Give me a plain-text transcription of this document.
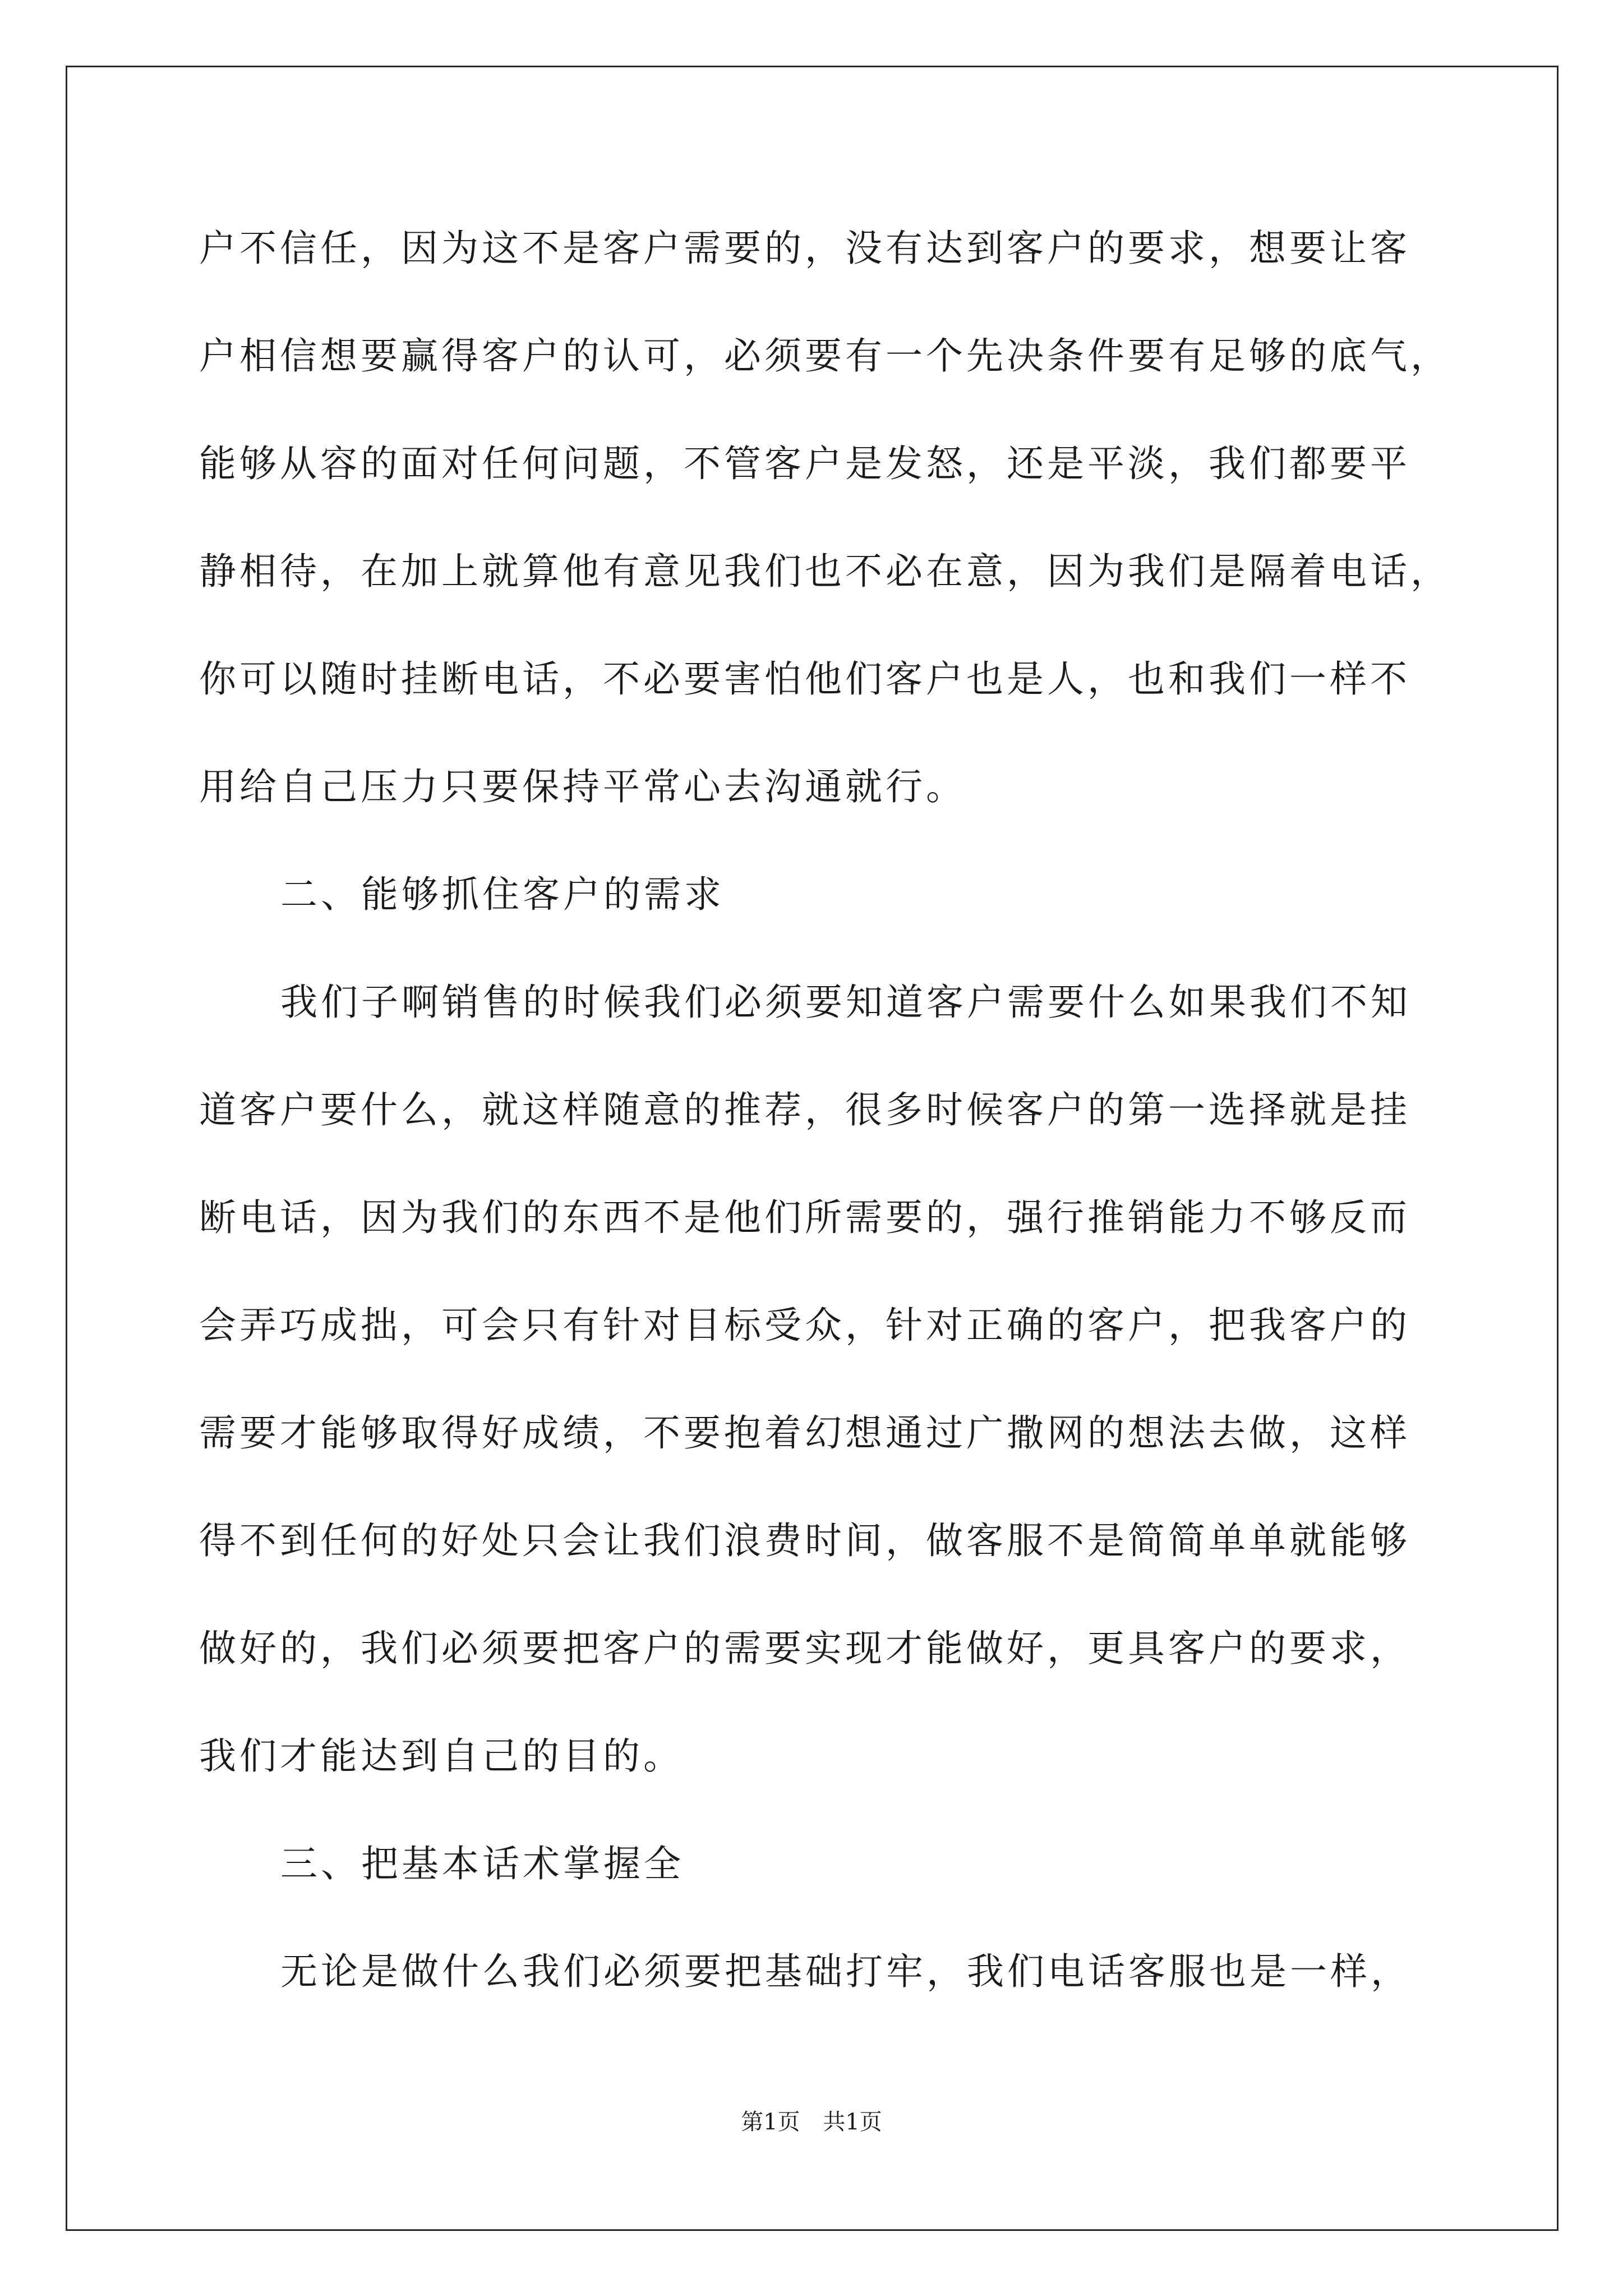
户不信任，因为这不是客户需要的，没有达到客户的要求，想要让客
户相信想要赢得客户的认可，必须要有一个先决条件要有足够的底气，
能够从容的面对任何问题，不管客户是发怒，还是平淡，我们都要平
静相待，在加上就算他有意见我们也不必在意，因为我们是隔着电话，
你可以随时挂断电话，不必要害怕他们客户也是人，也和我们一样不
用给自己压力只要保持平常心去沟通就行。
二、能够抓住客户的需求
我们子啊销售的时候我们必须要知道客户需要什么如果我们不知
道客户要什么，就这样随意的推荐，很多时候客户的第一选择就是挂
断电话，因为我们的东西不是他们所需要的，强行推销能力不够反而
会弄巧成拙，可会只有针对目标受众，针对正确的客户，把我客户的
需要才能够取得好成绩，不要抱着幻想通过广撒网的想法去做，这样
得不到任何的好处只会让我们浪费时间，做客服不是简简单单就能够
做好的，我们必须要把客户的需要实现才能做好，更具客户的要求，
我们才能达到自己的目的。
三、把基本话术掌握全
无论是做什么我们必须要把基础打牢，我们电话客服也是一样，
第1页 共1页
